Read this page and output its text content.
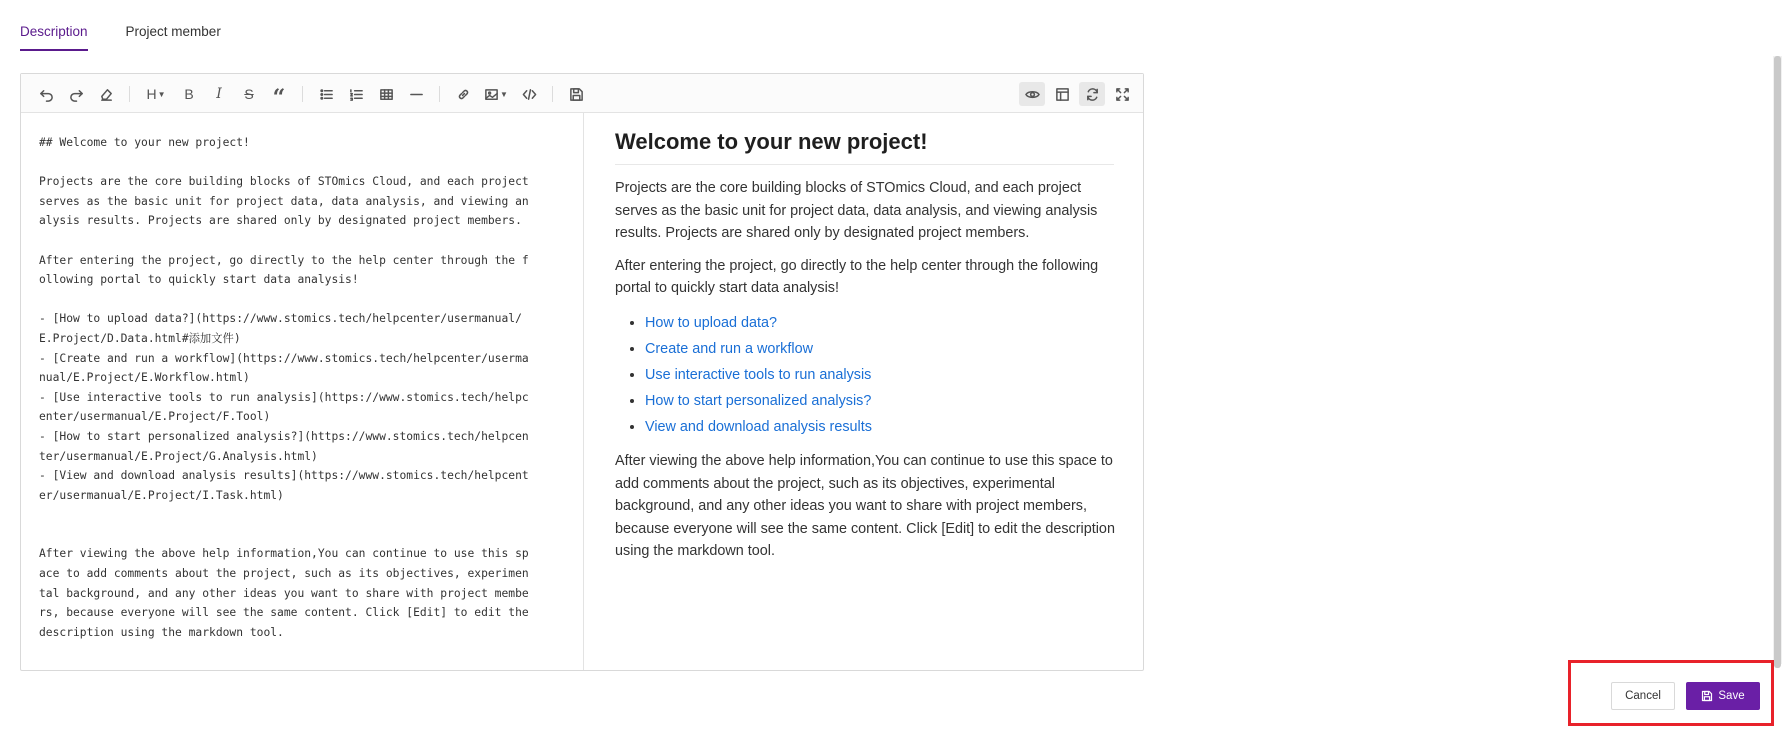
Description	Project member
H ▼ B I S “	▼
## Welcome to your new project!

Projects are the core building blocks of STOmics Cloud, and each project
serves as the basic unit for project data, data analysis, and viewing an
alysis results. Projects are shared only by designated project members.

After entering the project, go directly to the help center through the f
ollowing portal to quickly start data analysis!

- [How to upload data?](https://www.stomics.tech/helpcenter/usermanual/
E.Project/D.Data.html#添加文件)
- [Create and run a workflow](https://www.stomics.tech/helpcenter/userma
nual/E.Project/E.Workflow.html)
- [Use interactive tools to run analysis](https://www.stomics.tech/helpc
enter/usermanual/E.Project/F.Tool)
- [How to start personalized analysis?](https://www.stomics.tech/helpcen
ter/usermanual/E.Project/G.Analysis.html)
- [View and download analysis results](https://www.stomics.tech/helpcent
er/usermanual/E.Project/I.Task.html)

After viewing the above help information,You can continue to use this sp
ace to add comments about the project, such as its objectives, experimen
tal background, and any other ideas you want to share with project membe
rs, because everyone will see the same content. Click [Edit] to edit the
description using the markdown tool.
Welcome to your new project!

Projects are the core building blocks of STOmics Cloud, and each project serves as the basic unit for project data, data analysis, and viewing analysis results. Projects are shared only by designated project members.

After entering the project, go directly to the help center through the following portal to quickly start data analysis!

• How to upload data?
• Create and run a workflow
• Use interactive tools to run analysis
• How to start personalized analysis?
• View and download analysis results

After viewing the above help information,You can continue to use this space to add comments about the project, such as its objectives, experimental background, and any other ideas you want to share with project members, because everyone will see the same content. Click [Edit] to edit the description using the markdown tool.

Cancel	Save
